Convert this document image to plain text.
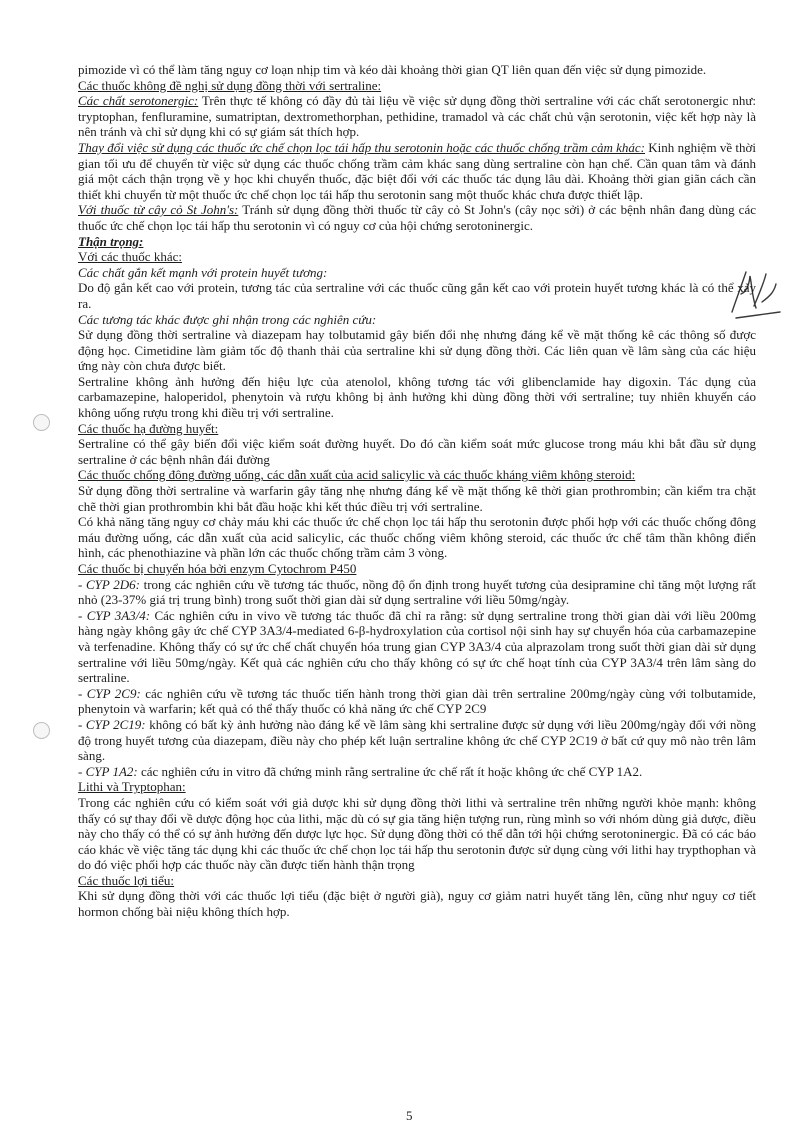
pimozide vì có thể làm tăng nguy cơ loạn nhịp tim và kéo dài khoảng thời gian QT liên quan đến việc sử dụng pimozide.

Các thuốc không đề nghị sử dụng đồng thời với sertraline:

Các chất serotonergic: Trên thực tế không có đầy đủ tài liệu về việc sử dụng đồng thời sertraline với các chất serotonergic như: tryptophan, fenfluramine, sumatriptan, dextromethorphan, pethidine, tramadol và các chất chủ vận serotonin, việc kết hợp này là nên tránh và chỉ sử dụng khi có sự giám sát thích hợp.

Thay đổi việc sử dụng các thuốc ức chế chọn lọc tái hấp thu serotonin hoặc các thuốc chống trầm cảm khác: Kinh nghiệm về thời gian tối ưu để chuyển từ việc sử dụng các thuốc chống trầm cảm khác sang dùng sertraline còn hạn chế. Cần quan tâm và đánh giá một cách thận trọng về y học khi chuyển thuốc, đặc biệt đổi với các thuốc tác dụng lâu dài. Khoảng thời gian giãn cách cần thiết khi chuyển từ một thuốc ức chế chọn lọc tái hấp thu serotonin sang một thuốc khác chưa được thiết lập.

Với thuốc từ cây cỏ St John's: Tránh sử dụng đồng thời thuốc từ cây cỏ St John's (cây nọc sởi) ở các bệnh nhân đang dùng các thuốc ức chế chọn lọc tái hấp thu serotonin vì có nguy cơ của hội chứng serotoninergic.

Thận trọng:

Với các thuốc khác:

Các chất gắn kết mạnh với protein huyết tương:

Do độ gắn kết cao với protein, tương tác của sertraline với các thuốc cũng gắn kết cao với protein huyết tương khác là có thể xảy ra.

Các tương tác khác được ghi nhận trong các nghiên cứu:

Sử dụng đồng thời sertraline và diazepam hay tolbutamid gây biến đổi nhẹ nhưng đáng kể về mặt thống kê các thông số được động học. Cimetidine làm giảm tốc độ thanh thải của sertraline khi sử dụng đồng thời. Các liên quan về lâm sàng của các hiệu ứng này còn chưa được biết.

Sertraline không ảnh hưởng đến hiệu lực của atenolol, không tương tác với glibenclamide hay digoxin. Tác dụng của carbamazepine, haloperidol, phenytoin và rượu không bị ảnh hưởng khi dùng đồng thời với sertraline; tuy nhiên khuyến cáo không uống rượu trong khi điều trị với sertraline.

Các thuốc hạ đường huyết:

Sertraline có thể gây biến đổi việc kiểm soát đường huyết. Do đó cần kiểm soát mức glucose trong máu khi bắt đầu sử dụng sertraline ở các bệnh nhân đái đường

Các thuốc chống đông đường uống, các dẫn xuất của acid salicylic và các thuốc kháng viêm không steroid:

Sử dụng đồng thời sertraline và warfarin gây tăng nhẹ nhưng đáng kể về mặt thống kê thời gian prothrombin; cần kiểm tra chặt chẽ thời gian prothrombin khi bắt đầu hoặc khi kết thúc điều trị với sertraline.

Có khả năng tăng nguy cơ chảy máu khi các thuốc ức chế chọn lọc tái hấp thu serotonin được phối hợp với các thuốc chống đông máu đường uống, các dẫn xuất của acid salicylic, các thuốc chống viêm không steroid, các thuốc ức chế tâm thần không điển hình, các phenothiazine và phần lớn các thuốc chống trầm cảm 3 vòng.

Các thuốc bị chuyển hóa bởi enzym Cytochrom P450

- CYP 2D6: trong các nghiên cứu về tương tác thuốc, nồng độ ổn định trong huyết tương của desipramine chỉ tăng một lượng rất nhỏ (23-37% giá trị trung bình) trong suốt thời gian dài sử dụng sertraline với liều 50mg/ngày.

- CYP 3A3/4: Các nghiên cứu in vivo về tương tác thuốc đã chỉ ra rằng: sử dụng sertraline trong thời gian dài với liều 200mg hàng ngày không gây ức chế CYP 3A3/4-mediated 6-β-hydroxylation của cortisol nội sinh hay sự chuyển hóa của carbamazepine và terfenadine. Không thấy có sự ức chế chất chuyển hóa trung gian CYP 3A3/4 của alprazolam trong suốt thời gian dài sử dụng sertraline với liều 50mg/ngày. Kết quả các nghiên cứu cho thấy không có sự ức chế hoạt tính của CYP 3A3/4 trên lâm sàng do sertraline.

- CYP 2C9: các nghiên cứu về tương tác thuốc tiến hành trong thời gian dài trên sertraline 200mg/ngày cùng với tolbutamide, phenytoin và warfarin; kết quả có thể thấy thuốc có khả năng ức chế CYP 2C9

- CYP 2C19: không có bất kỳ ảnh hưởng nào đáng kể về lâm sàng khi sertraline được sử dụng với liều 200mg/ngày đối với nồng độ trong huyết tương của diazepam, điều này cho phép kết luận sertraline không ức chế CYP 2C19 ở bất cứ quy mô nào trên lâm sàng.

- CYP 1A2: các nghiên cứu in vitro đã chứng minh rằng sertraline ức chế rất ít hoặc không ức chế CYP 1A2.

Lithi và Tryptophan:

Trong các nghiên cứu có kiểm soát với giả dược khi sử dụng đồng thời lithi và sertraline trên những người khỏe mạnh: không thấy có sự thay đổi về dược động học của lithi, mặc dù có sự gia tăng hiện tượng run, rùng mình so với nhóm dùng giả dược, điều này cho thấy có thể có sự ảnh hưởng đến dược lực học. Sử dụng đồng thời có thể dẫn tới hội chứng serotoninergic. Đã có các báo cáo khác về việc tăng tác dụng khi các thuốc ức chế chọn lọc tái hấp thu serotonin được sử dụng cùng với lithi hay trypthophan và do đó việc phối hợp các thuốc này cần được tiến hành thận trọng

Các thuốc lợi tiểu:

Khi sử dụng đồng thời với các thuốc lợi tiểu (đặc biệt ở người già), nguy cơ giảm natri huyết tăng lên, cũng như nguy cơ tiết hormon chống bài niệu không thích hợp.

5
